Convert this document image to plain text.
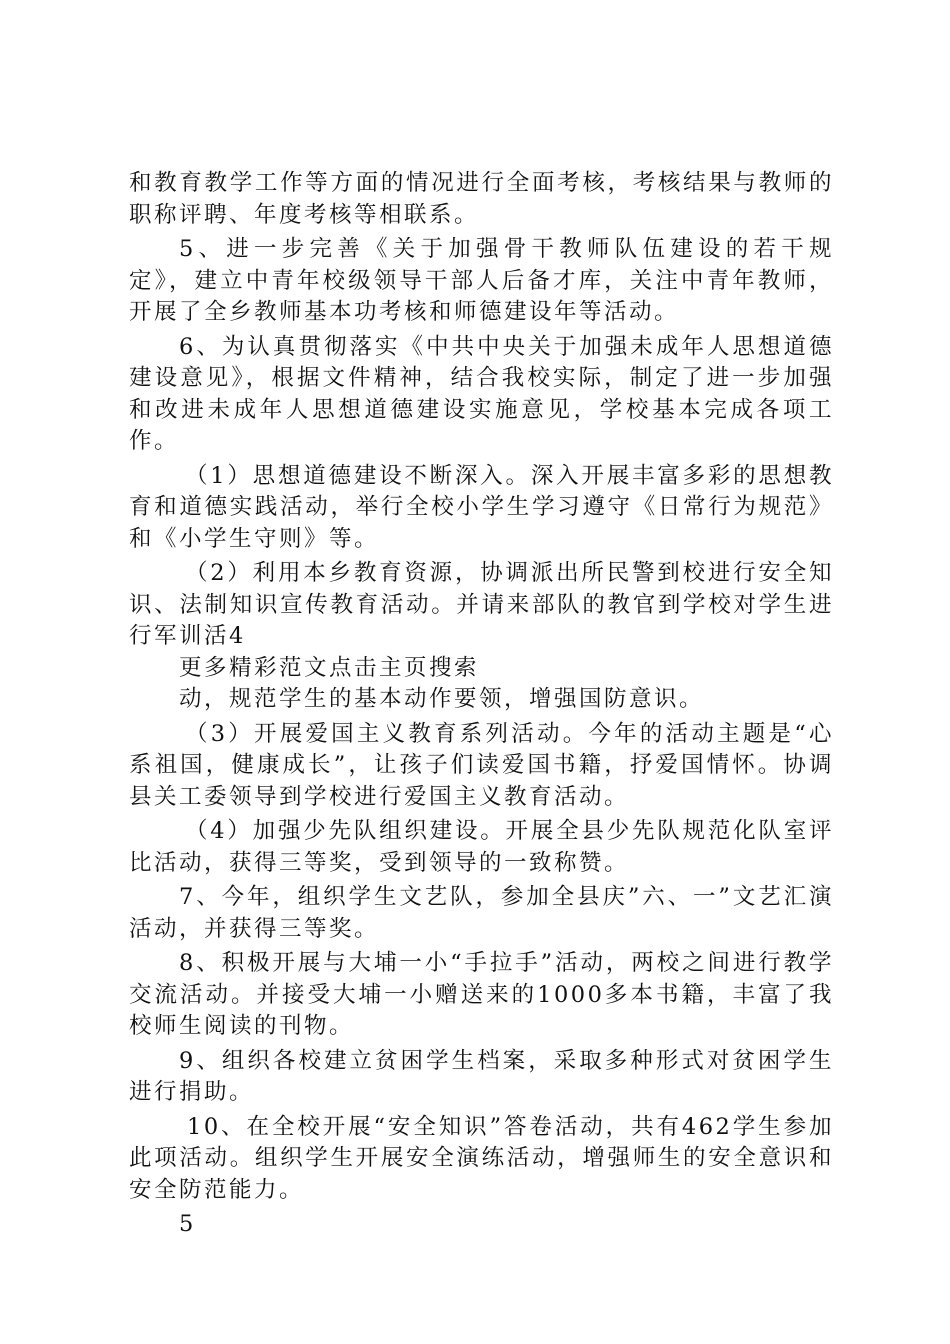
和教育教学工作等方面的情况进行全面考核，考核结果与教师的职称评聘、年度考核等相联系。

5、进一步完善《关于加强骨干教师队伍建设的若干规定》，建立中青年校级领导干部人后备才库，关注中青年教师，开展了全乡教师基本功考核和师德建设年等活动。

6、为认真贯彻落实《中共中央关于加强未成年人思想道德建设意见》，根据文件精神，结合我校实际，制定了进一步加强和改进未成年人思想道德建设实施意见，学校基本完成各项工作。

（1）思想道德建设不断深入。深入开展丰富多彩的思想教育和道德实践活动，举行全校小学生学习遵守《日常行为规范》和《小学生守则》等。

（2）利用本乡教育资源，协调派出所民警到校进行安全知识、法制知识宣传教育活动。并请来部队的教官到学校对学生进行军训活4

更多精彩范文点击主页搜索
动，规范学生的基本动作要领，增强国防意识。

（3）开展爱国主义教育系列活动。今年的活动主题是“心系祖国，健康成长”，让孩子们读爱国书籍，抒爱国情怀。协调县关工委领导到学校进行爱国主义教育活动。

（4）加强少先队组织建设。开展全县少先队规范化队室评比活动，获得三等奖，受到领导的一致称赞。

7、今年，组织学生文艺队，参加全县庆”六、一”文艺汇演活动，并获得三等奖。

8、积极开展与大埔一小“手拉手”活动，两校之间进行教学交流活动。并接受大埔一小赠送来的1000多本书籍，丰富了我校师生阅读的刊物。

9、组织各校建立贫困学生档案，采取多种形式对贫困学生进行捐助。

10、在全校开展“安全知识”答卷活动，共有462学生参加此项活动。组织学生开展安全演练活动，增强师生的安全意识和安全防范能力。

5
